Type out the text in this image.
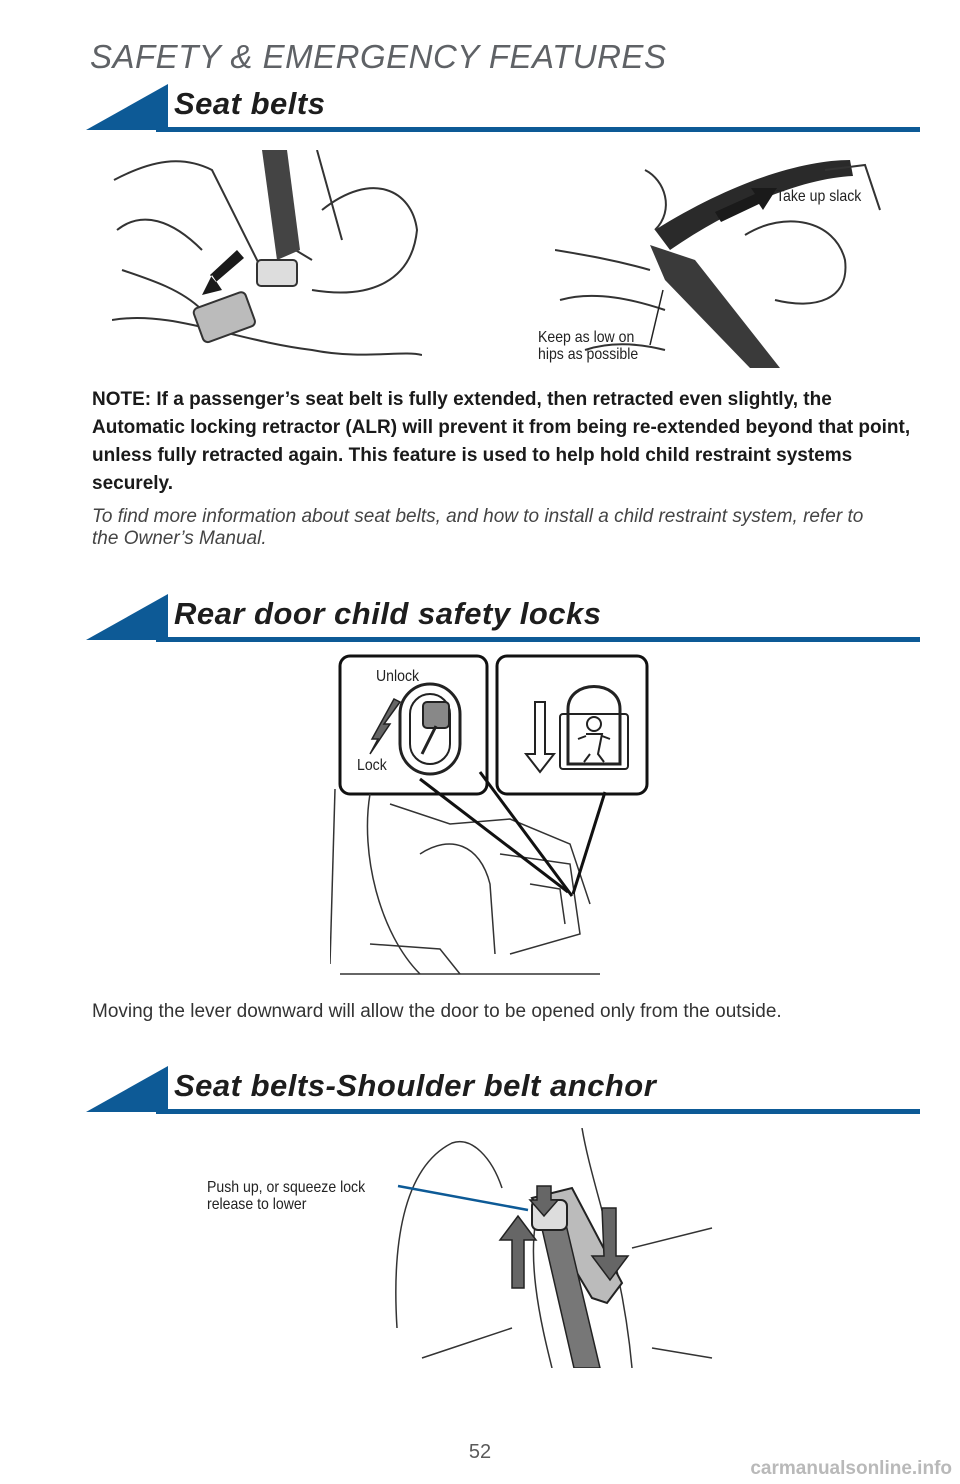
SAFETY & EMERGENCY FEATURES
Seat belts
Take up slack
Keep as low on
hips as possible
NOTE: If a passenger’s seat belt is fully extended, then retracted even slightly, the Automatic locking retractor (ALR) will prevent it from being re-extended beyond that point, unless fully retracted again. This feature is used to help hold child restraint systems securely.
To find more information about seat belts, and how to install a child restraint system, refer to the Owner’s Manual.
Rear door child safety locks
Unlock
Lock
Moving the lever downward will allow the door to be opened only from the outside.
Seat belts-Shoulder belt anchor
Push up, or squeeze lock
release to lower
52
carmanualsonline.info
